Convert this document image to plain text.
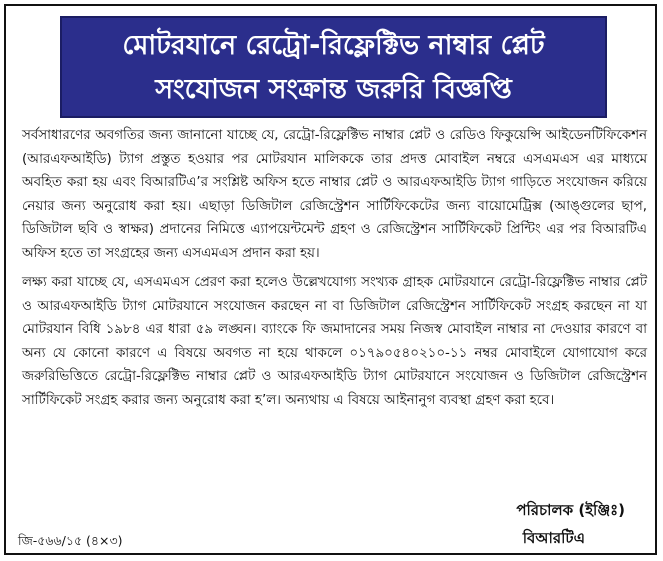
মোটরযানে রেট্রো-রিফ্লেক্টিভ নাম্বার প্লেট
সংযোজন সংক্রান্ত জরুরি বিজ্ঞপ্তি

সর্বসাধারণের অবগতির জন্য জানানো যাচ্ছে যে, রেট্রো-রিফ্লেক্টিভ নাম্বার প্লেট ও রেডিও ফিকুয়েন্সি আইডেনটিফিকেশন (আরএফআইডি) ট্যাগ প্রস্তুত হওয়ার পর মোটরযান মালিককে তার প্রদত্ত মোবাইল নম্বরে এসএমএস এর মাধ্যমে অবহিত করা হয় এবং বিআরটিএ’র সংশ্লিষ্ট অফিস হতে নাম্বার প্লেট ও আরএফআইডি ট্যাগ গাড়িতে সংযোজন করিয়ে নেয়ার জন্য অনুরোধ করা হয়। এছাড়া ডিজিটাল রেজিস্ট্রেশন সার্টিফিকেটের জন্য বায়োমেট্রিক্স (আঙ্গুলের ছাপ, ডিজিটাল ছবি ও স্বাক্ষর) প্রদানের নিমিত্তে এ্যাপয়েন্টমেন্ট গ্রহণ ও রেজিস্ট্রেশন সার্টিফিকেট প্রিন্টিং এর পর বিআরটিএ অফিস হতে তা সংগ্রহের জন্য এসএমএস প্রদান করা হয়।

লক্ষ্য করা যাচ্ছে যে, এসএমএস প্রেরণ করা হলেও উল্লেখযোগ্য সংখ্যক গ্রাহক মোটরযানে রেট্রো-রিফ্লেক্টিভ নাম্বার প্লেট ও আরএফআইডি ট্যাগ মোটরযানে সংযোজন করছেন না বা ডিজিটাল রেজিস্ট্রেশন সার্টিফিকেট সংগ্রহ করছেন না যা মোটরযান বিধি ১৯৮৪ এর ধারা ৫৯ লঙ্ঘন। ব্যাংকে ফি জমাদানের সময় নিজস্ব মোবাইল নাম্বার না দেওয়ার কারণে বা অন্য যে কোনো কারণে এ বিষয়ে অবগত না হয়ে থাকলে ০১৭৯০৫৪০২১০-১১ নম্বর মোবাইলে যোগাযোগ করে জরুরিভিত্তিতে রেট্রো-রিফ্লেক্টিভ নাম্বার প্লেট ও আরএফআইডি ট্যাগ মোটরযানে সংযোজন ও ডিজিটাল রেজিস্ট্রেশন সার্টিফিকেট সংগ্রহ করার জন্য অনুরোধ করা হ’ল। অন্যথায় এ বিষয়ে আইনানুগ ব্যবস্থা গ্রহণ করা হবে।

পরিচালক (ইঞ্জিঃ)
বিআরটিএ
জি-৫৬৬/১৫ (৪×৩)
